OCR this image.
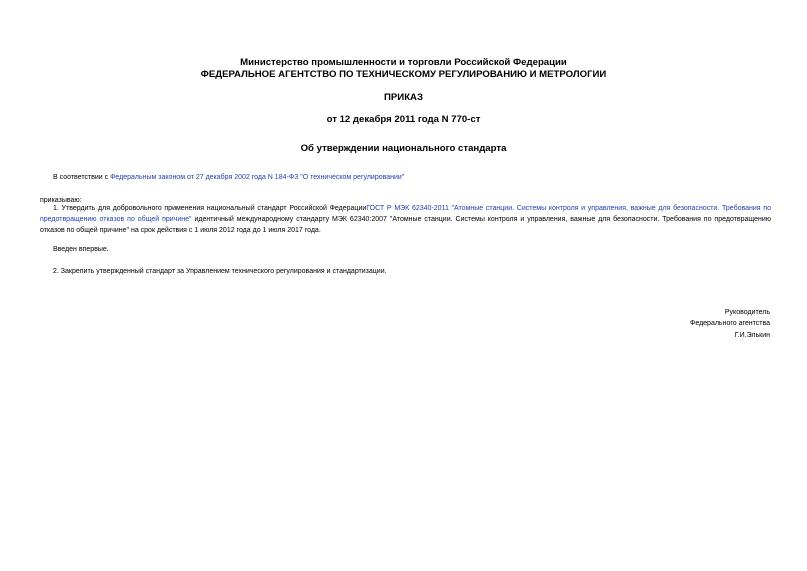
Министерство промышленности и торговли Российской Федерации
ФЕДЕРАЛЬНОЕ АГЕНТСТВО ПО ТЕХНИЧЕСКОМУ РЕГУЛИРОВАНИЮ И МЕТРОЛОГИИ
ПРИКАЗ
от 12 декабря 2011 года N 770-ст
Об утверждении национального стандарта
В соответствии с Федеральным законом от 27 декабря 2002 года N 184-ФЗ "О техническом регулировании"
приказываю:
1. Утвердить для добровольного применения национальный стандарт Российской ФедерацииГОСТ Р МЭК 62340-2011 "Атомные станции. Системы контроля и управления, важные для безопасности. Требования по предотвращению отказов по общей причине" идентичный международному стандарту МЭК 62340:2007 "Атомные станции. Системы контроля и управления, важные для безопасности. Требования по предотвращению отказов по общей причине" на срок действия с 1 июля 2012 года до 1 июля 2017 года.
Введен впервые.
2. Закрепить утвержденный стандарт за Управлением технического регулирования и стандартизации.
Руководитель
Федерального агентства
Г.И.Элькин
